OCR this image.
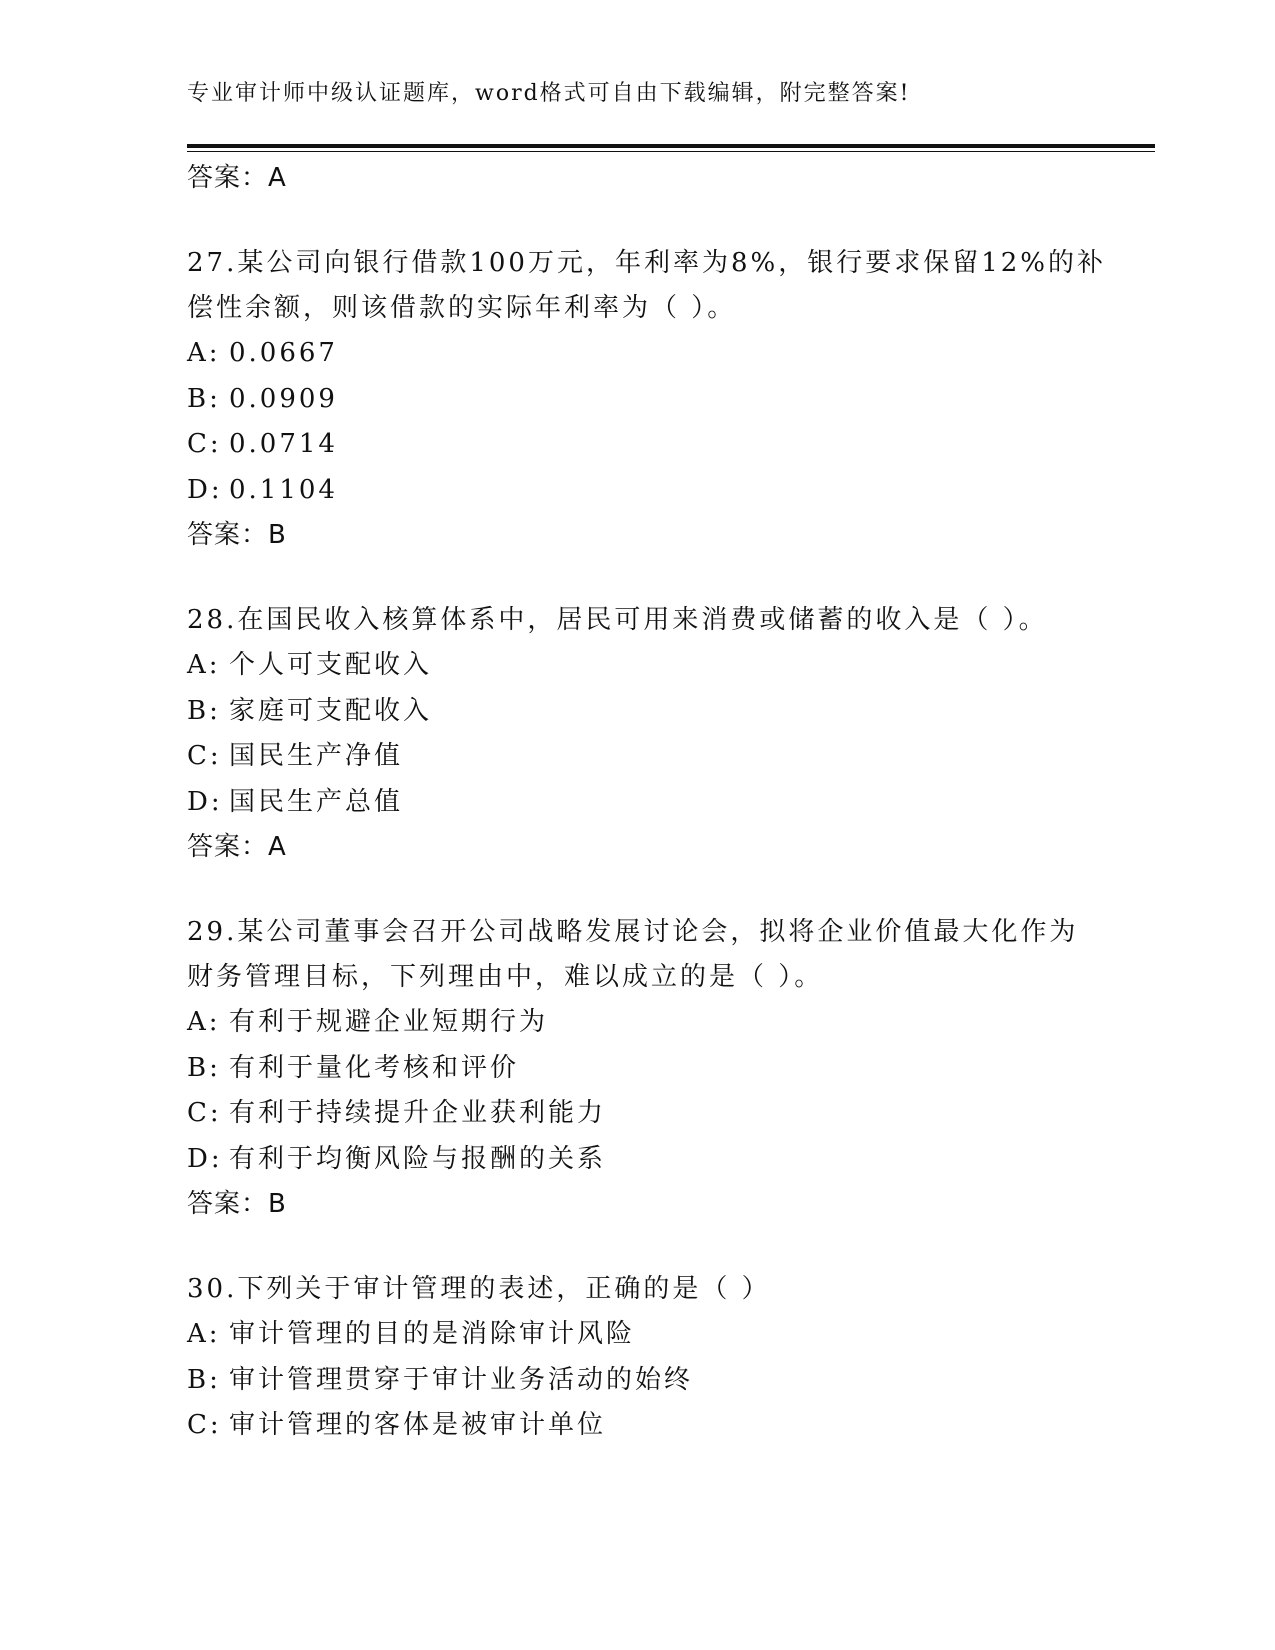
专业审计师中级认证题库，word格式可自由下载编辑，附完整答案!
答案：A
27.某公司向银行借款100万元，年利率为8%，银行要求保留12%的补
偿性余额，则该借款的实际年利率为（ ）。
A: 0.0667
B: 0.0909
C: 0.0714
D: 0.1104
答案：B
28.在国民收入核算体系中，居民可用来消费或储蓄的收入是（ ）。
A: 个人可支配收入
B: 家庭可支配收入
C: 国民生产净值
D: 国民生产总值
答案：A
29.某公司董事会召开公司战略发展讨论会，拟将企业价值最大化作为
财务管理目标，下列理由中，难以成立的是（ ）。
A: 有利于规避企业短期行为
B: 有利于量化考核和评价
C: 有利于持续提升企业获利能力
D: 有利于均衡风险与报酬的关系
答案：B
30.下列关于审计管理的表述，正确的是（ ）
A: 审计管理的目的是消除审计风险
B: 审计管理贯穿于审计业务活动的始终
C: 审计管理的客体是被审计单位
